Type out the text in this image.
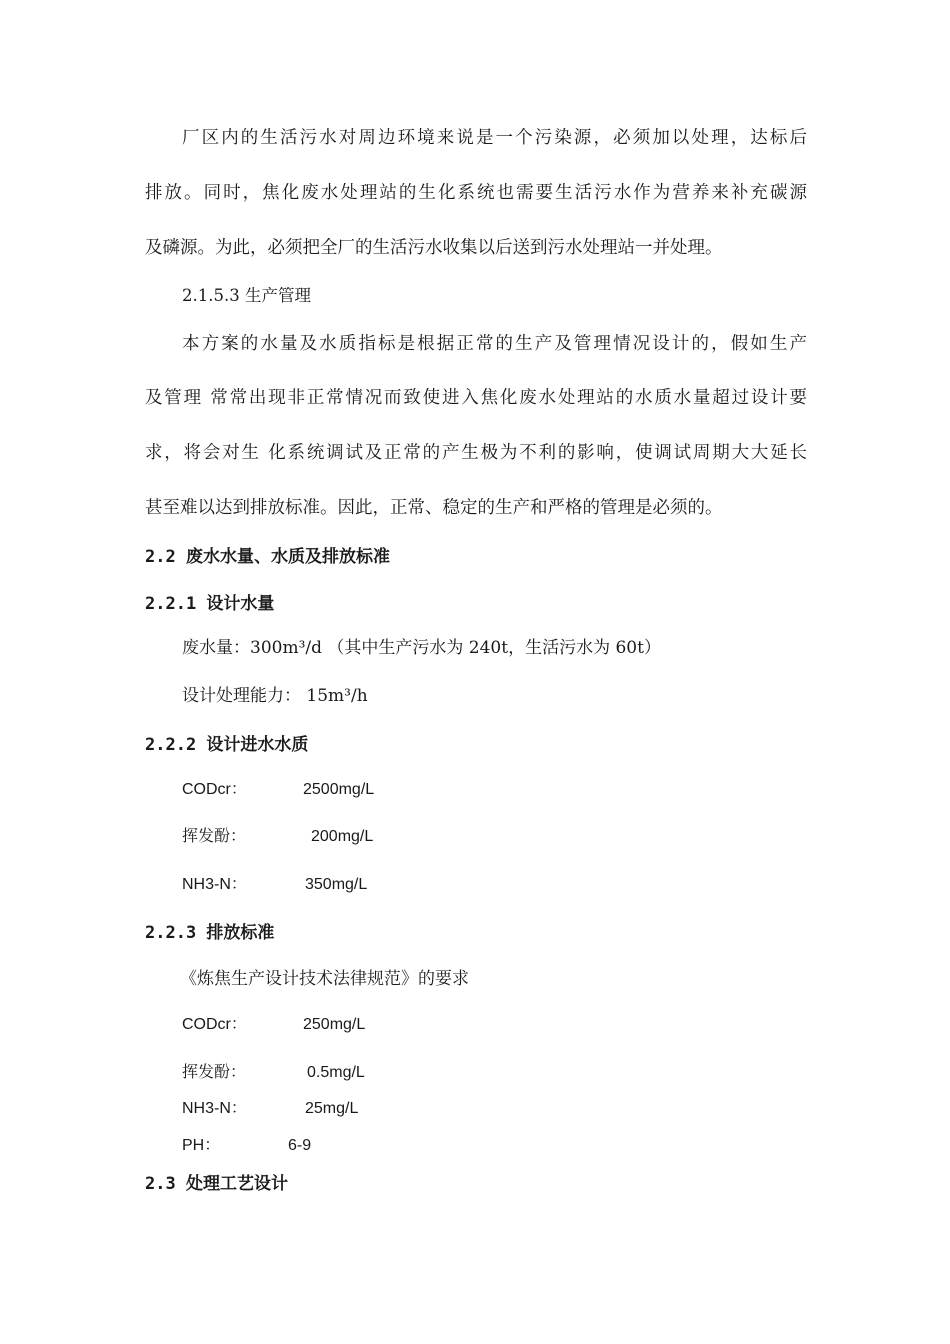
厂区内的生活污水对周边环境来说是一个污染源，必须加以处理，达标后
排放。同时，焦化废水处理站的生化系统也需要生活污水作为营养来补充碳源
及磷源。为此，必须把全厂的生活污水收集以后送到污水处理站一并处理。
2.1.5.3 生产管理
本方案的水量及水质指标是根据正常的生产及管理情况设计的，假如生产
及管理 常常出现非正常情况而致使进入焦化废水处理站的水质水量超过设计要
求，将会对生 化系统调试及正常的产生极为不利的影响，使调试周期大大延长
甚至难以达到排放标准。因此，正常、稳定的生产和严格的管理是必须的。
2.2 废水水量、水质及排放标准
2.2.1 设计水量
废水量：300m³/d （其中生产污水为 240t，生活污水为 60t）
设计处理能力： 15m³/h
2.2.2 设计进水水质
CODcr：	2500mg/L
挥发酚：	200mg/L
NH3-N：	350mg/L
2.2.3 排放标准
《炼焦生产设计技术法律规范》的要求
CODcr：	250mg/L
挥发酚：	0.5mg/L
NH3-N：	25mg/L
PH：	6-9
2.3 处理工艺设计
